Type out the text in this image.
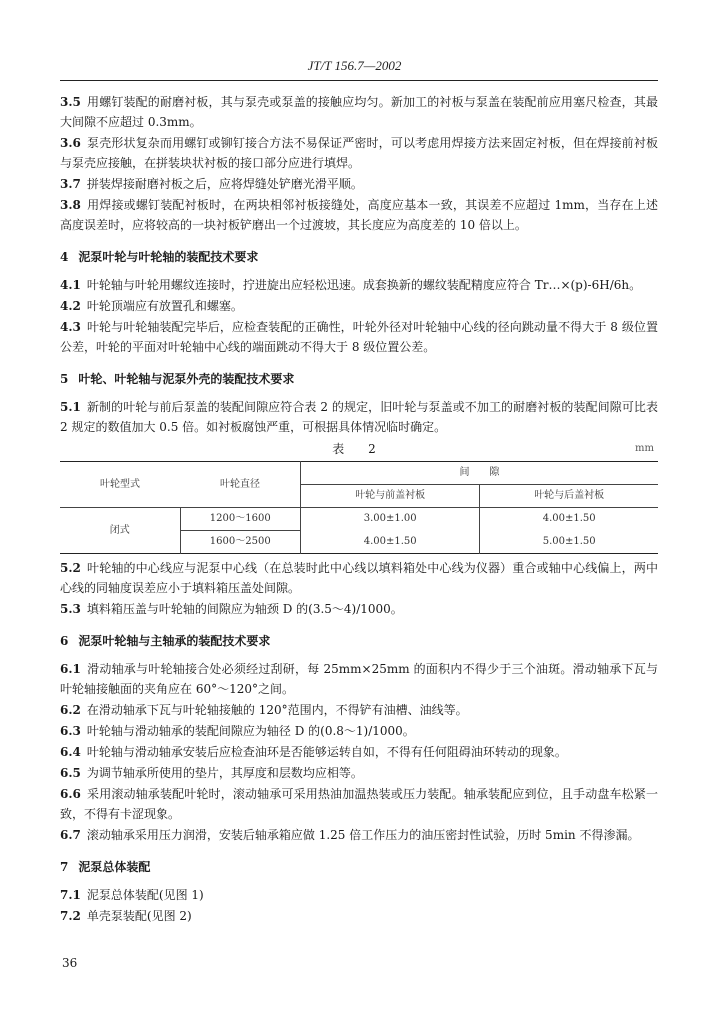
JT/T 156.7—2002

3.5 用螺钉装配的耐磨衬板，其与泵壳或泵盖的接触应均匀。新加工的衬板与泵盖在装配前应用塞尺检查，其最大间隙不应超过 0.3mm。

3.6 泵壳形状复杂而用螺钉或铆钉接合方法不易保证严密时，可以考虑用焊接方法来固定衬板，但在焊接前衬板与泵壳应接触，在拼装块状衬板的接口部分应进行填焊。

3.7 拼装焊接耐磨衬板之后，应将焊缝处铲磨光滑平顺。

3.8 用焊接或螺钉装配衬板时，在两块相邻衬板接缝处，高度应基本一致，其误差不应超过 1mm，当存在上述高度误差时，应将较高的一块衬板铲磨出一个过渡坡，其长度应为高度差的 10 倍以上。

4 泥泵叶轮与叶轮轴的装配技术要求

4.1 叶轮轴与叶轮用螺纹连接时，拧进旋出应轻松迅速。成套换新的螺纹装配精度应符合 Tr…×(p)-6H/6h。

4.2 叶轮顶端应有放置孔和螺塞。

4.3 叶轮与叶轮轴装配完毕后，应检查装配的正确性，叶轮外径对叶轮轴中心线的径向跳动量不得大于 8 级位置公差，叶轮的平面对叶轮轴中心线的端面跳动不得大于 8 级位置公差。

5 叶轮、叶轮轴与泥泵外壳的装配技术要求

5.1 新制的叶轮与前后泵盖的装配间隙应符合表 2 的规定，旧叶轮与泵盖或不加工的耐磨衬板的装配间隙可比表 2 规定的数值加大 0.5 倍。如衬板腐蚀严重，可根据具体情况临时确定。

表 2	mm
叶轮型式	叶轮直径	间　　隙	
		叶轮与前盖衬板	叶轮与后盖衬板
闭式	1200～1600	3.00±1.00	4.00±1.50
	1600～2500	4.00±1.50	5.00±1.50

5.2 叶轮轴的中心线应与泥泵中心线（在总装时此中心线以填料箱处中心线为仪器）重合或轴中心线偏上，两中心线的同轴度误差应小于填料箱压盖处间隙。

5.3 填料箱压盖与叶轮轴的间隙应为轴颈 D 的(3.5～4)/1000。

6 泥泵叶轮轴与主轴承的装配技术要求

6.1 滑动轴承与叶轮轴接合处必须经过刮研，每 25mm×25mm 的面积内不得少于三个油斑。滑动轴承下瓦与叶轮轴接触面的夹角应在 60°～120°之间。

6.2 在滑动轴承下瓦与叶轮轴接触的 120°范围内，不得铲有油槽、油线等。

6.3 叶轮轴与滑动轴承的装配间隙应为轴径 D 的(0.8～1)/1000。

6.4 叶轮轴与滑动轴承安装后应检查油环是否能够运转自如，不得有任何阻碍油环转动的现象。

6.5 为调节轴承所使用的垫片，其厚度和层数均应相等。

6.6 采用滚动轴承装配叶轮时，滚动轴承可采用热油加温热装或压力装配。轴承装配应到位，且手动盘车松紧一致，不得有卡涩现象。

6.7 滚动轴承采用压力润滑，安装后轴承箱应做 1.25 倍工作压力的油压密封性试验，历时 5min 不得渗漏。

7 泥泵总体装配

7.1 泥泵总体装配(见图 1)

7.2 单壳泵装配(见图 2)

36
